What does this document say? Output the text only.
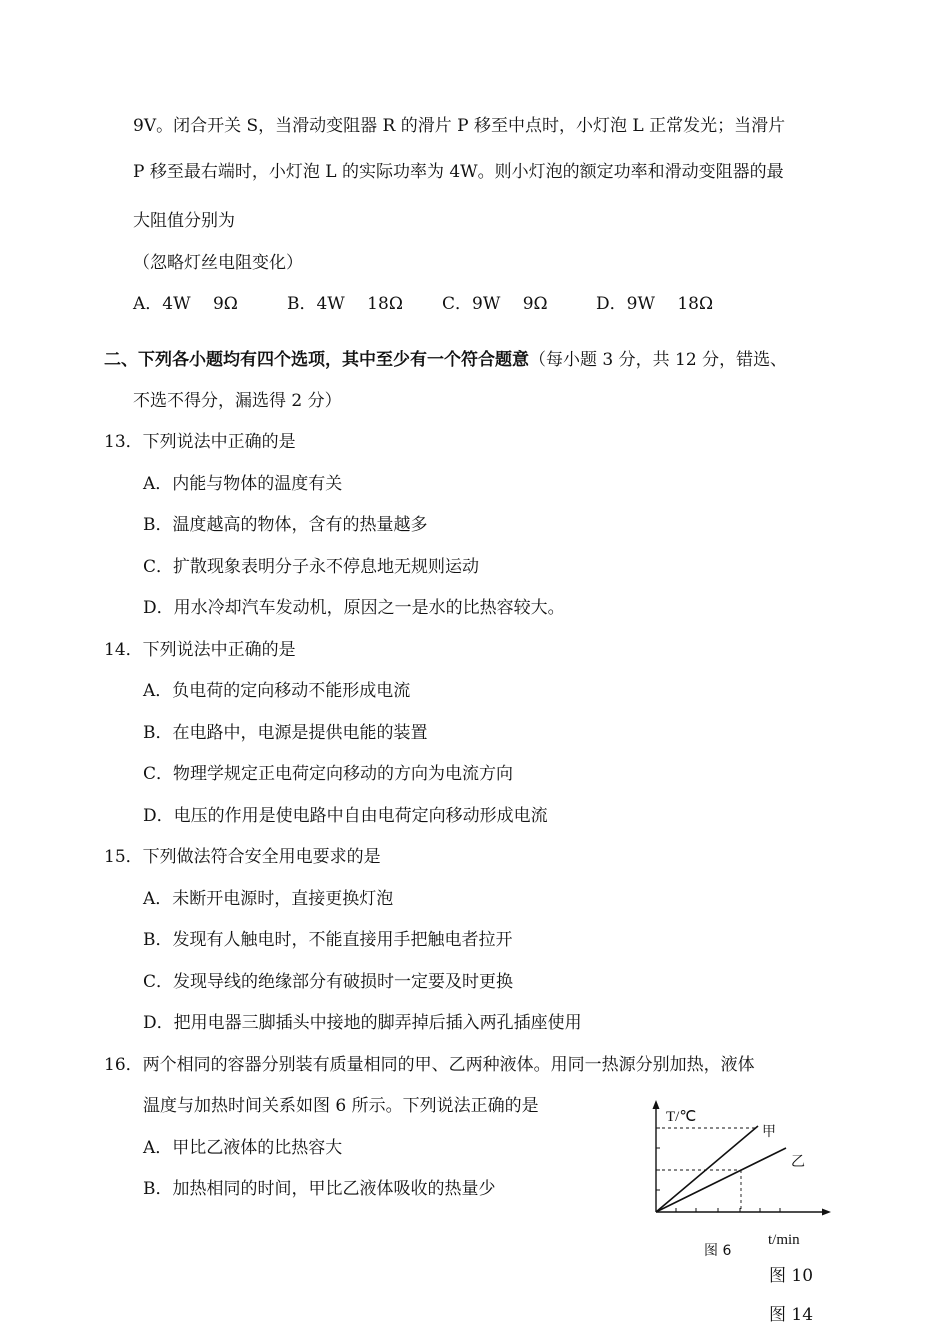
9V。闭合开关 S，当滑动变阻器 R 的滑片 P 移至中点时，小灯泡 L 正常发光；当滑片
P 移至最右端时，小灯泡 L 的实际功率为 4W。则小灯泡的额定功率和滑动变阻器的最
大阻值分别为
（忽略灯丝电阻变化）
A．4W　 9Ω	B．4W　 18Ω C．9W　 9Ω	D．9W　 18Ω
二、下列各小题均有四个选项，其中至少有一个符合题意（每小题 3 分，共 12 分，错选、
不选不得分，漏选得 2 分）
13．下列说法中正确的是
A．内能与物体的温度有关
B．温度越高的物体，含有的热量越多
C．扩散现象表明分子永不停息地无规则运动
D．用水冷却汽车发动机，原因之一是水的比热容较大。
14．下列说法中正确的是
A．负电荷的定向移动不能形成电流
B．在电路中，电源是提供电能的装置
C．物理学规定正电荷定向移动的方向为电流方向
D．电压的作用是使电路中自由电荷定向移动形成电流
15．下列做法符合安全用电要求的是
A．未断开电源时，直接更换灯泡
B．发现有人触电时，不能直接用手把触电者拉开
C．发现导线的绝缘部分有破损时一定要及时更换
D．把用电器三脚插头中接地的脚弄掉后插入两孔插座使用
16．两个相同的容器分别装有质量相同的甲、乙两种液体。用同一热源分别加热，液体
温度与加热时间关系如图 6 所示。下列说法正确的是
A．甲比乙液体的比热容大
B．加热相同的时间，甲比乙液体吸收的热量少
T/℃
甲
乙
图 6
t/min
图 10
图 14
